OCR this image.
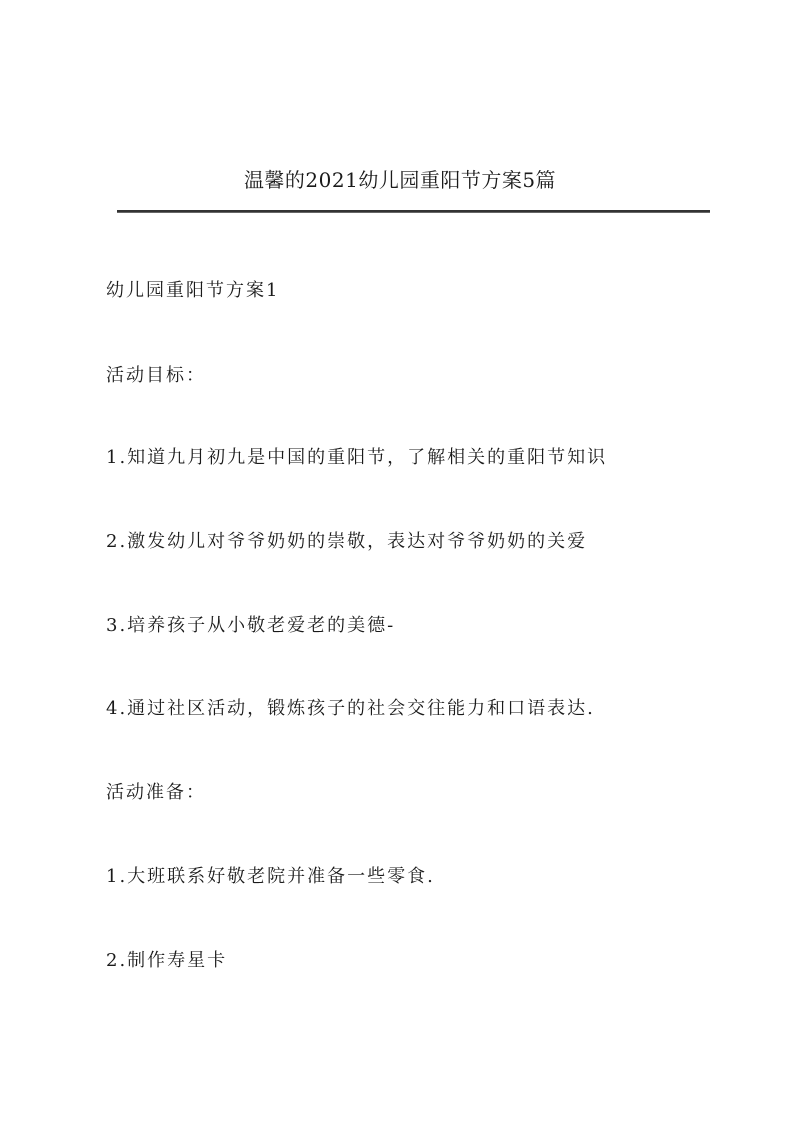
温馨的2021幼儿园重阳节方案5篇
幼儿园重阳节方案1
活动目标：
1.知道九月初九是中国的重阳节，了解相关的重阳节知识
2.激发幼儿对爷爷奶奶的崇敬，表达对爷爷奶奶的关爱
3.培养孩子从小敬老爱老的美德-
4.通过社区活动，锻炼孩子的社会交往能力和口语表达.
活动准备：
1.大班联系好敬老院并准备一些零食.
2.制作寿星卡
